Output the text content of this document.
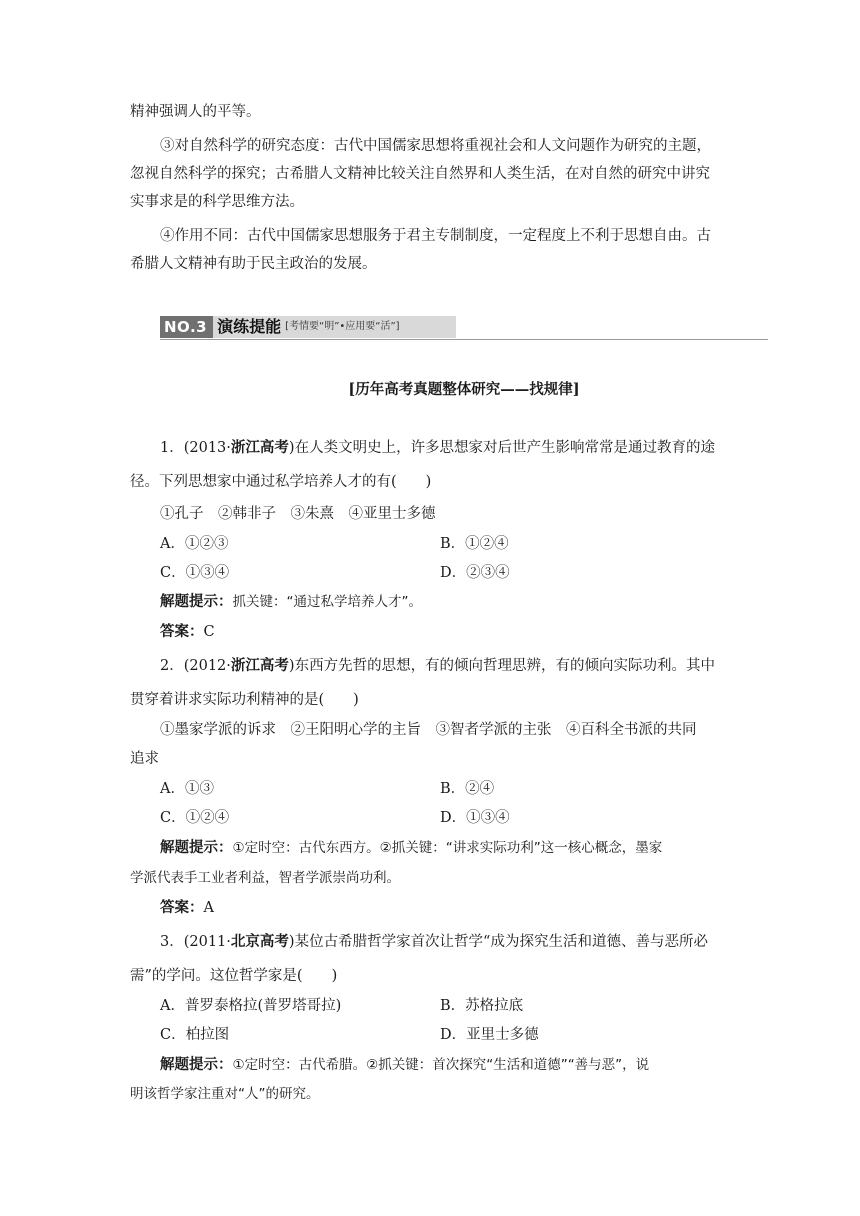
精神强调人的平等。
③对自然科学的研究态度：古代中国儒家思想将重视社会和人文问题作为研究的主题，
忽视自然科学的探究；古希腊人文精神比较关注自然界和人类生活，在对自然的研究中讲究
实事求是的科学思维方法。
④作用不同：古代中国儒家思想服务于君主专制制度，一定程度上不利于思想自由。古
希腊人文精神有助于民主政治的发展。
NO.3 演练提能 [考情要“明”•应用要“活”]
[历年高考真题整体研究——找规律]
1．(2013·浙江高考)在人类文明史上，许多思想家对后世产生影响常常是通过教育的途
径。下列思想家中通过私学培养人才的有(　　)
①孔子　②韩非子　③朱熹　④亚里士多德
A．①②③	B．①②④
C．①③④	D．②③④
解题提示：抓关键：“通过私学培养人才”。
答案：C
2．(2012·浙江高考)东西方先哲的思想，有的倾向哲理思辨，有的倾向实际功利。其中
贯穿着讲求实际功利精神的是(　　)
①墨家学派的诉求　②王阳明心学的主旨　③智者学派的主张　④百科全书派的共同
追求
A．①③	B．②④
C．①②④	D．①③④
解题提示：①定时空：古代东西方。②抓关键：“讲求实际功利”这一核心概念，墨家
学派代表手工业者利益，智者学派崇尚功利。
答案：A
3．(2011·北京高考)某位古希腊哲学家首次让哲学“成为探究生活和道德、善与恶所必
需”的学问。这位哲学家是(　　)
A．普罗泰格拉(普罗塔哥拉)	B．苏格拉底
C．柏拉图	D．亚里士多德
解题提示：①定时空：古代希腊。②抓关键：首次探究“生活和道德”“善与恶”，说
明该哲学家注重对“人”的研究。
